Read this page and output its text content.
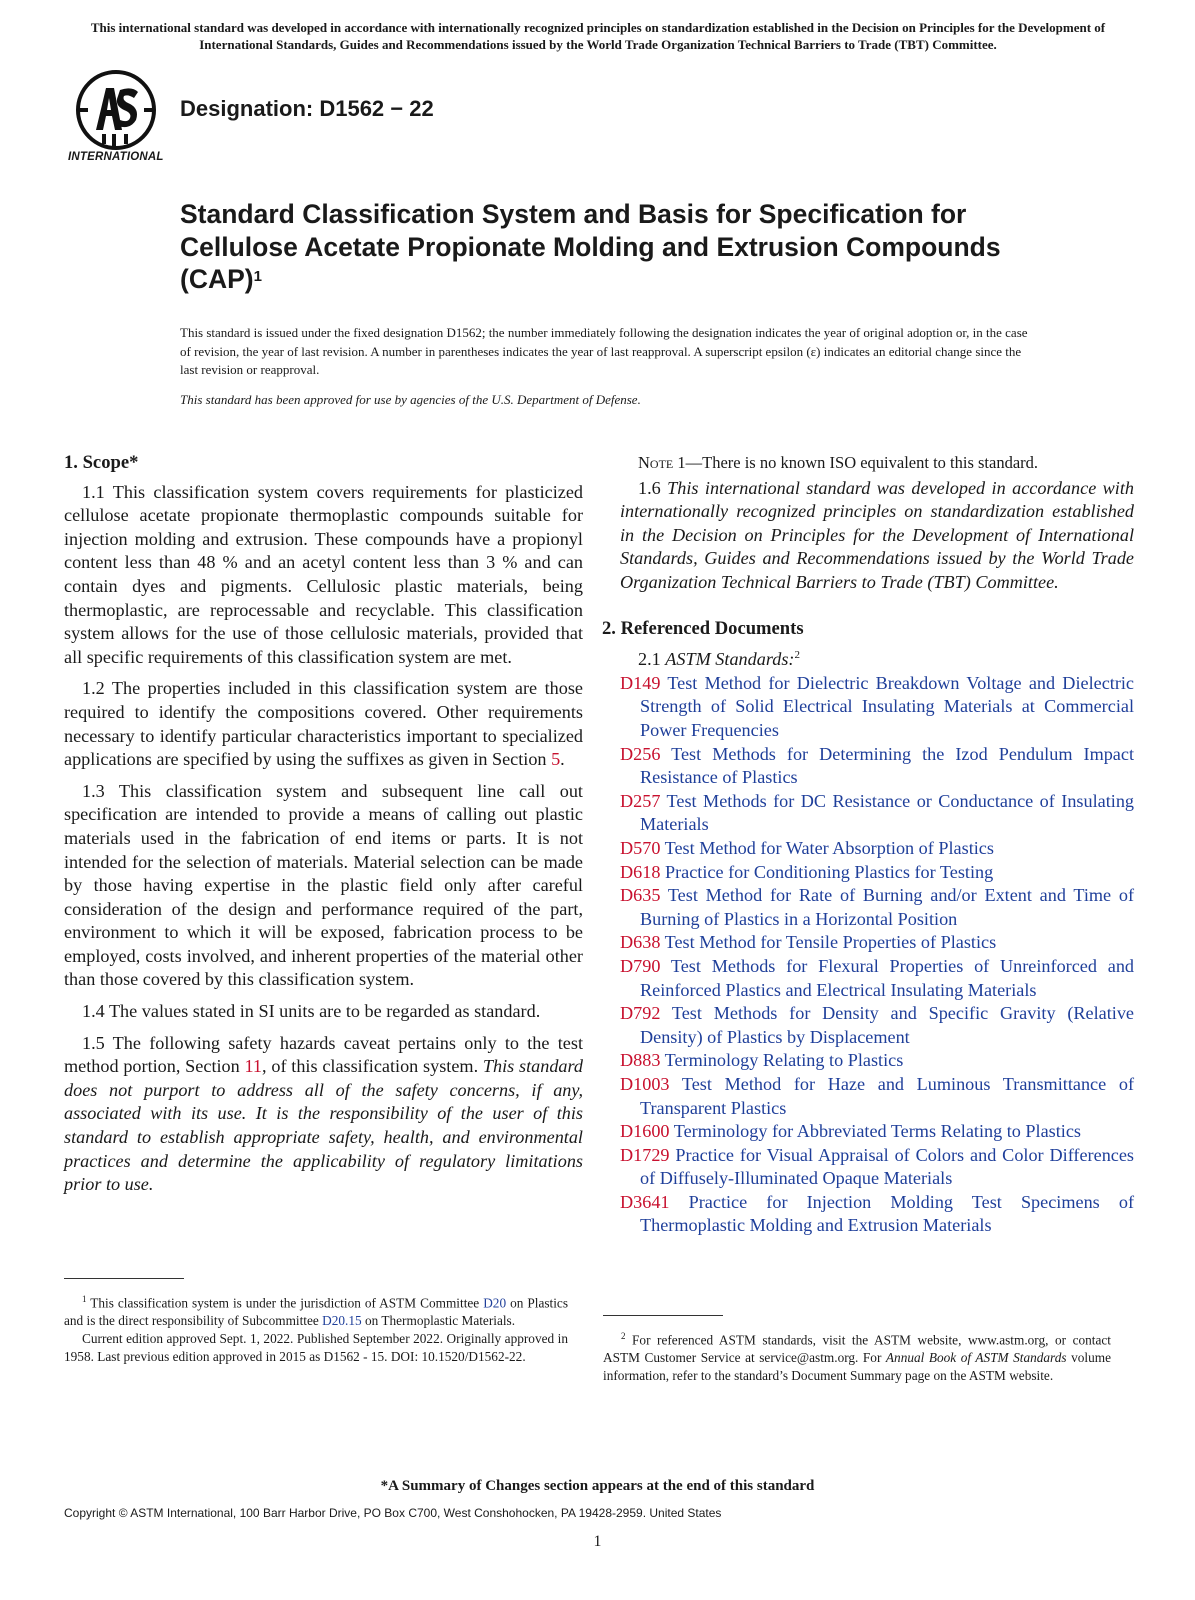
This international standard was developed in accordance with internationally recognized principles on standardization established in the Decision on Principles for the Development of International Standards, Guides and Recommendations issued by the World Trade Organization Technical Barriers to Trade (TBT) Committee.
INTERNATIONAL
Designation: D1562 − 22
Standard Classification System and Basis for Specification for Cellulose Acetate Propionate Molding and Extrusion Compounds (CAP)$^1$
This standard is issued under the fixed designation D1562; the number immediately following the designation indicates the year of original adoption or, in the case of revision, the year of last revision. A number in parentheses indicates the year of last reapproval. A superscript epsilon (ε) indicates an editorial change since the last revision or reapproval.
This standard has been approved for use by agencies of the U.S. Department of Defense.

1. Scope*

1.1 This classification system covers requirements for plasticized cellulose acetate propionate thermoplastic compounds suitable for injection molding and extrusion. These compounds have a propionyl content less than 48 % and an acetyl content less than 3 % and can contain dyes and pigments. Cellulosic plastic materials, being thermoplastic, are reprocessable and recyclable. This classification system allows for the use of those cellulosic materials, provided that all specific requirements of this classification system are met.

1.2 The properties included in this classification system are those required to identify the compositions covered. Other requirements necessary to identify particular characteristics important to specialized applications are specified by using the suffixes as given in Section 5.

1.3 This classification system and subsequent line call out specification are intended to provide a means of calling out plastic materials used in the fabrication of end items or parts. It is not intended for the selection of materials. Material selection can be made by those having expertise in the plastic field only after careful consideration of the design and performance required of the part, environment to which it will be exposed, fabrication process to be employed, costs involved, and inherent properties of the material other than those covered by this classification system.

1.4 The values stated in SI units are to be regarded as standard.

1.5 The following safety hazards caveat pertains only to the test method portion, Section 11, of this classification system. This standard does not purport to address all of the safety concerns, if any, associated with its use. It is the responsibility of the user of this standard to establish appropriate safety, health, and environmental practices and determine the applicability of regulatory limitations prior to use.

Note 1—There is no known ISO equivalent to this standard.

1.6 This international standard was developed in accordance with internationally recognized principles on standardization established in the Decision on Principles for the Development of International Standards, Guides and Recommendations issued by the World Trade Organization Technical Barriers to Trade (TBT) Committee.

2. Referenced Documents

2.1 ASTM Standards:$^2$

D149 Test Method for Dielectric Breakdown Voltage and Dielectric Strength of Solid Electrical Insulating Materials at Commercial Power Frequencies

D256 Test Methods for Determining the Izod Pendulum Impact Resistance of Plastics

D257 Test Methods for DC Resistance or Conductance of Insulating Materials

D570 Test Method for Water Absorption of Plastics

D618 Practice for Conditioning Plastics for Testing

D635 Test Method for Rate of Burning and/or Extent and Time of Burning of Plastics in a Horizontal Position

D638 Test Method for Tensile Properties of Plastics

D790 Test Methods for Flexural Properties of Unreinforced and Reinforced Plastics and Electrical Insulating Materials

D792 Test Methods for Density and Specific Gravity (Relative Density) of Plastics by Displacement

D883 Terminology Relating to Plastics

D1003 Test Method for Haze and Luminous Transmittance of Transparent Plastics

D1600 Terminology for Abbreviated Terms Relating to Plastics

D1729 Practice for Visual Appraisal of Colors and Color Differences of Diffusely-Illuminated Opaque Materials

D3641 Practice for Injection Molding Test Specimens of Thermoplastic Molding and Extrusion Materials

$^1$ This classification system is under the jurisdiction of ASTM Committee D20 on Plastics and is the direct responsibility of Subcommittee D20.15 on Thermoplastic Materials.

Current edition approved Sept. 1, 2022. Published September 2022. Originally approved in 1958. Last previous edition approved in 2015 as D1562 - 15. DOI: 10.1520/D1562-22.

$^2$ For referenced ASTM standards, visit the ASTM website, www.astm.org, or contact ASTM Customer Service at service@astm.org. For Annual Book of ASTM Standards volume information, refer to the standard’s Document Summary page on the ASTM website.

*A Summary of Changes section appears at the end of this standard
Copyright © ASTM International, 100 Barr Harbor Drive, PO Box C700, West Conshohocken, PA 19428-2959. United States
1
